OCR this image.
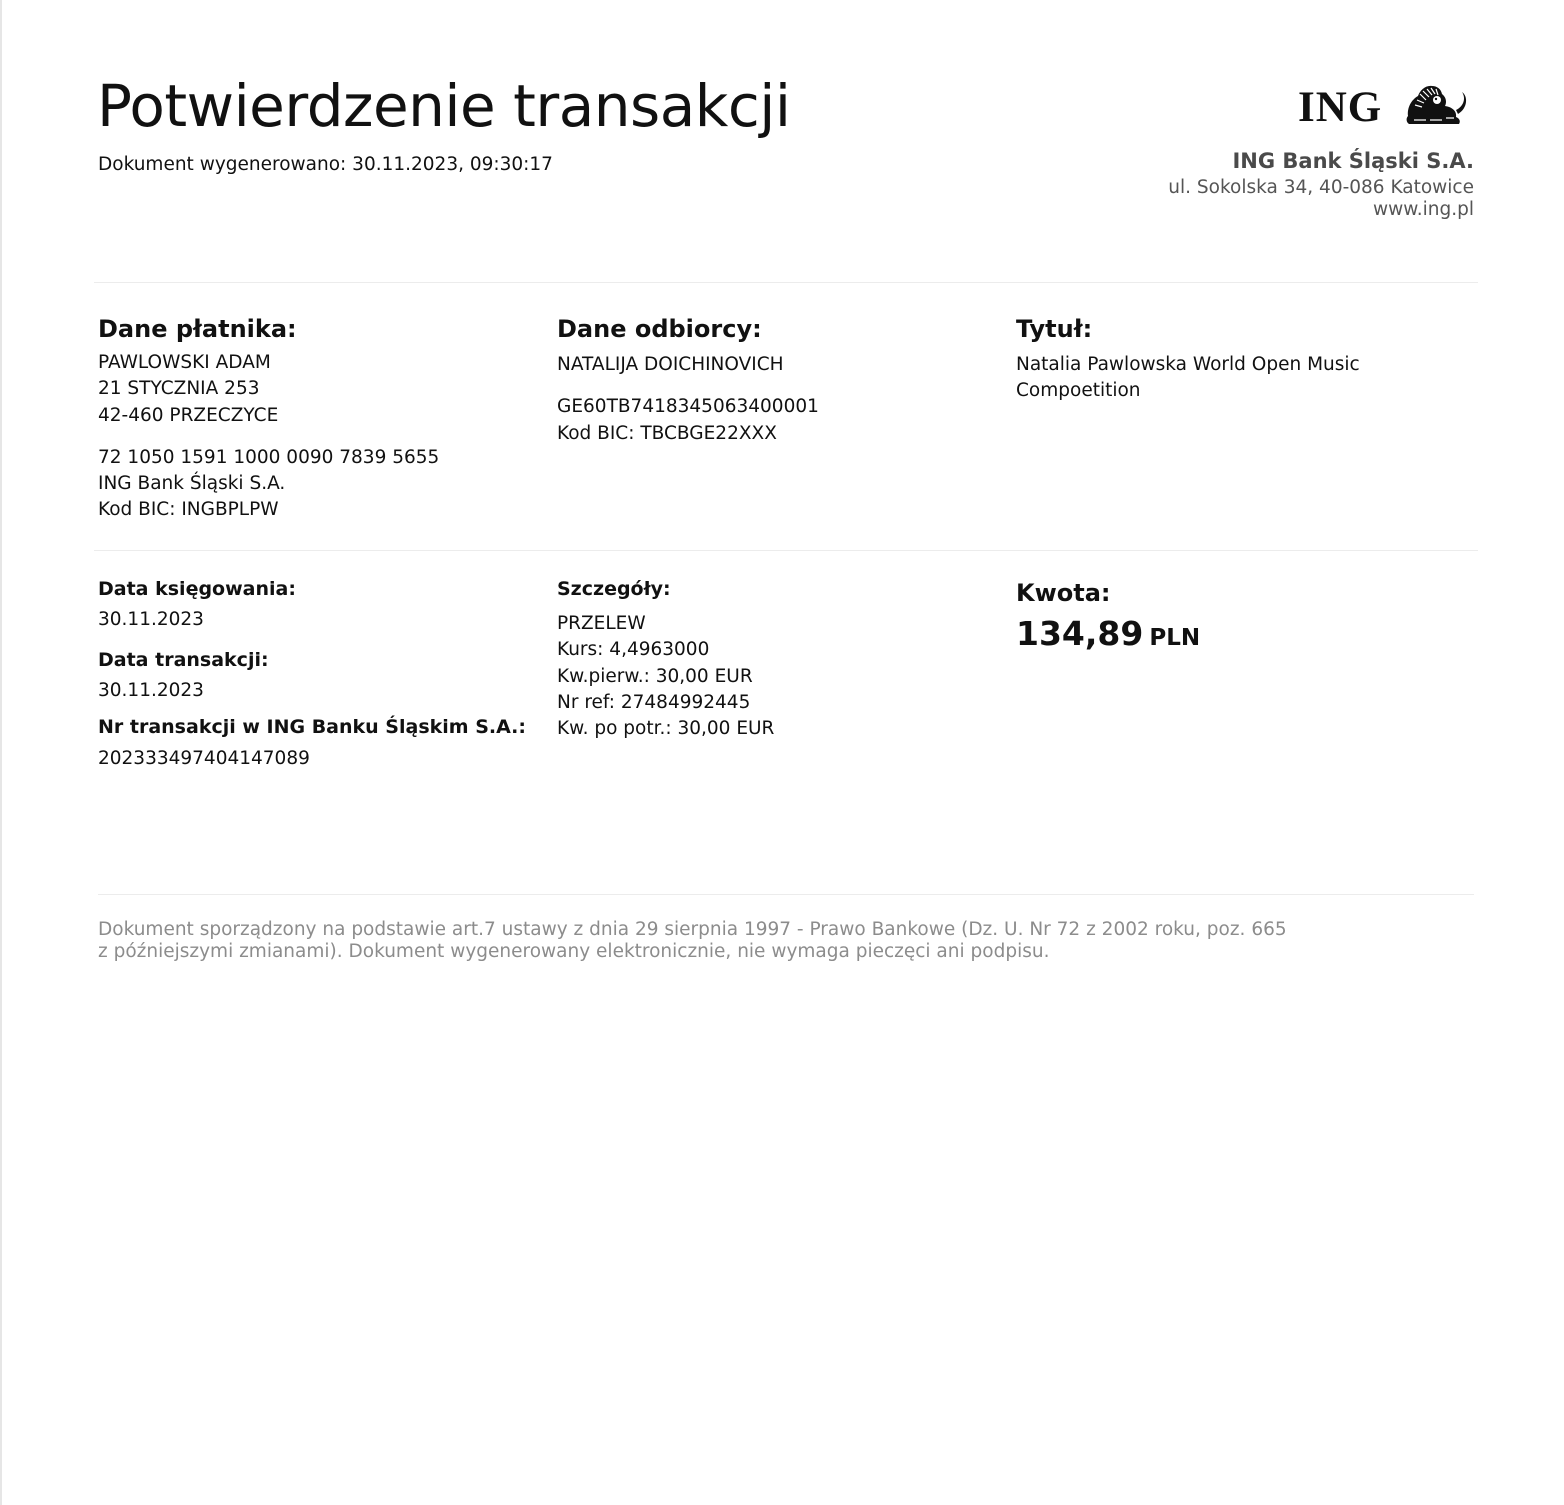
Potwierdzenie transakcji
Dokument wygenerowano: 30.11.2023, 09:30:17
ING
ING Bank Śląski S.A.
ul. Sokolska 34, 40-086 Katowice
www.ing.pl
Dane płatnika:
PAWLOWSKI ADAM
21 STYCZNIA 253
42-460 PRZECZYCE
72 1050 1591 1000 0090 7839 5655
ING Bank Śląski S.A.
Kod BIC: INGBPLPW
Dane odbiorcy:
NATALIJA DOICHINOVICH
GE60TB7418345063400001
Kod BIC: TBCBGE22XXX
Tytuł:
Natalia Pawlowska World Open Music
Compoetition
Data księgowania:
30.11.2023
Data transakcji:
30.11.2023
Nr transakcji w ING Banku Śląskim S.A.:
202333497404147089
Szczegóły:
PRZELEW
Kurs: 4,4963000
Kw.pierw.: 30,00 EUR
Nr ref: 27484992445
Kw. po potr.: 30,00 EUR
Kwota:
134,89 PLN
Dokument sporządzony na podstawie art.7 ustawy z dnia 29 sierpnia 1997 - Prawo Bankowe (Dz. U. Nr 72 z 2002 roku, poz. 665
z późniejszymi zmianami). Dokument wygenerowany elektronicznie, nie wymaga pieczęci ani podpisu.
